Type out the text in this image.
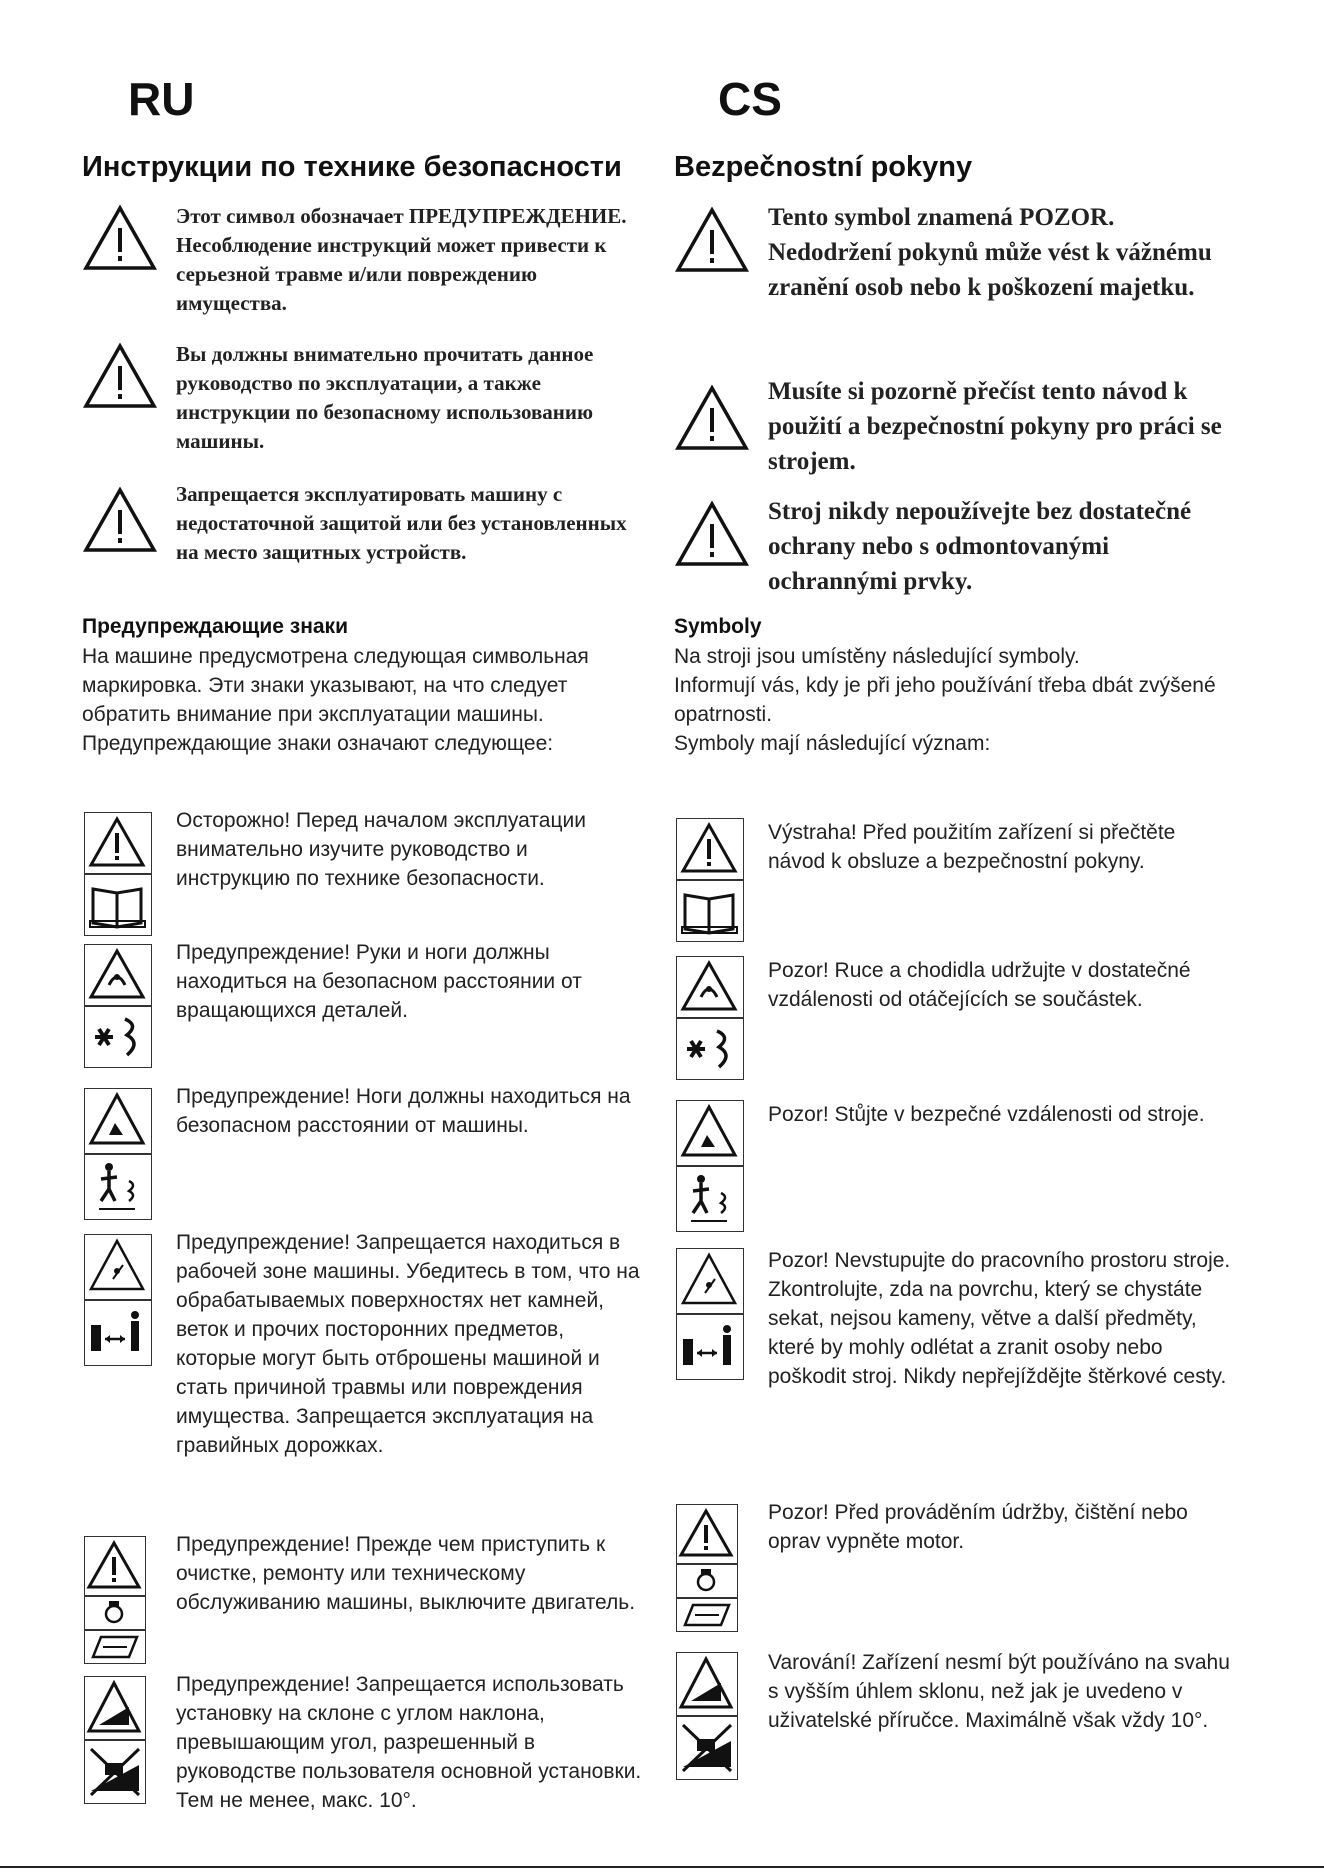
RU
Инструкции по технике безопасности
Этот символ обозначает ПРЕДУПРЕЖДЕНИЕ. Несоблюдение инструкций может привести к серьезной травме и/или повреждению имущества.
Вы должны внимательно прочитать данное руководство по эксплуатации, а также инструкции по безопасному использованию машины.
Запрещается эксплуатировать машину с недостаточной защитой или без установленных на место защитных устройств.
Предупреждающие знаки
На машине предусмотрена следующая символьная маркировка. Эти знаки указывают, на что следует обратить внимание при эксплуатации машины.
Предупреждающие знаки означают следующее:
Осторожно! Перед началом эксплуатации внимательно изучите руководство и инструкцию по технике безопасности.
Предупреждение! Руки и ноги должны находиться на безопасном расстоянии от вращающихся деталей.
Предупреждение! Ноги должны находиться на безопасном расстоянии от машины.
Предупреждение! Запрещается находиться в рабочей зоне машины. Убедитесь в том, что на обрабатываемых поверхностях нет камней, веток и прочих посторонних предметов, которые могут быть отброшены машиной и стать причиной травмы или повреждения имущества. Запрещается эксплуатация на гравийных дорожках.
Предупреждение! Прежде чем приступить к очистке, ремонту или техническому обслуживанию машины, выключите двигатель.
Предупреждение! Запрещается использовать установку на склоне с углом наклона, превышающим угол, разрешенный в руководстве пользователя основной установки. Тем не менее, макс. 10°.
CS
Bezpečnostní pokyny
Tento symbol znamená POZOR. Nedodržení pokynů může vést k vážnému zranění osob nebo k poškození majetku.
Musíte si pozorně přečíst tento návod k použití a bezpečnostní pokyny pro práci se strojem.
Stroj nikdy nepoužívejte bez dostatečné ochrany nebo s odmontovanými ochrannými prvky.
Symboly
Na stroji jsou umístěny následující symboly.
Informují vás, kdy je při jeho používání třeba dbát zvýšené opatrnosti.
Symboly mají následující význam:
Výstraha! Před použitím zařízení si přečtěte návod k obsluze a bezpečnostní pokyny.
Pozor! Ruce a chodidla udržujte v dostatečné vzdálenosti od otáčejících se součástek.
Pozor! Stůjte v bezpečné vzdálenosti od stroje.
Pozor! Nevstupujte do pracovního prostoru stroje. Zkontrolujte, zda na povrchu, který se chystáte sekat, nejsou kameny, větve a další předměty, které by mohly odlétat a zranit osoby nebo poškodit stroj. Nikdy nepřejíždějte štěrkové cesty.
Pozor! Před prováděním údržby, čištění nebo oprav vypněte motor.
Varování! Zařízení nesmí být používáno na svahu s vyšším úhlem sklonu, než jak je uvedeno v uživatelské příručce. Maximálně však vždy 10°.
